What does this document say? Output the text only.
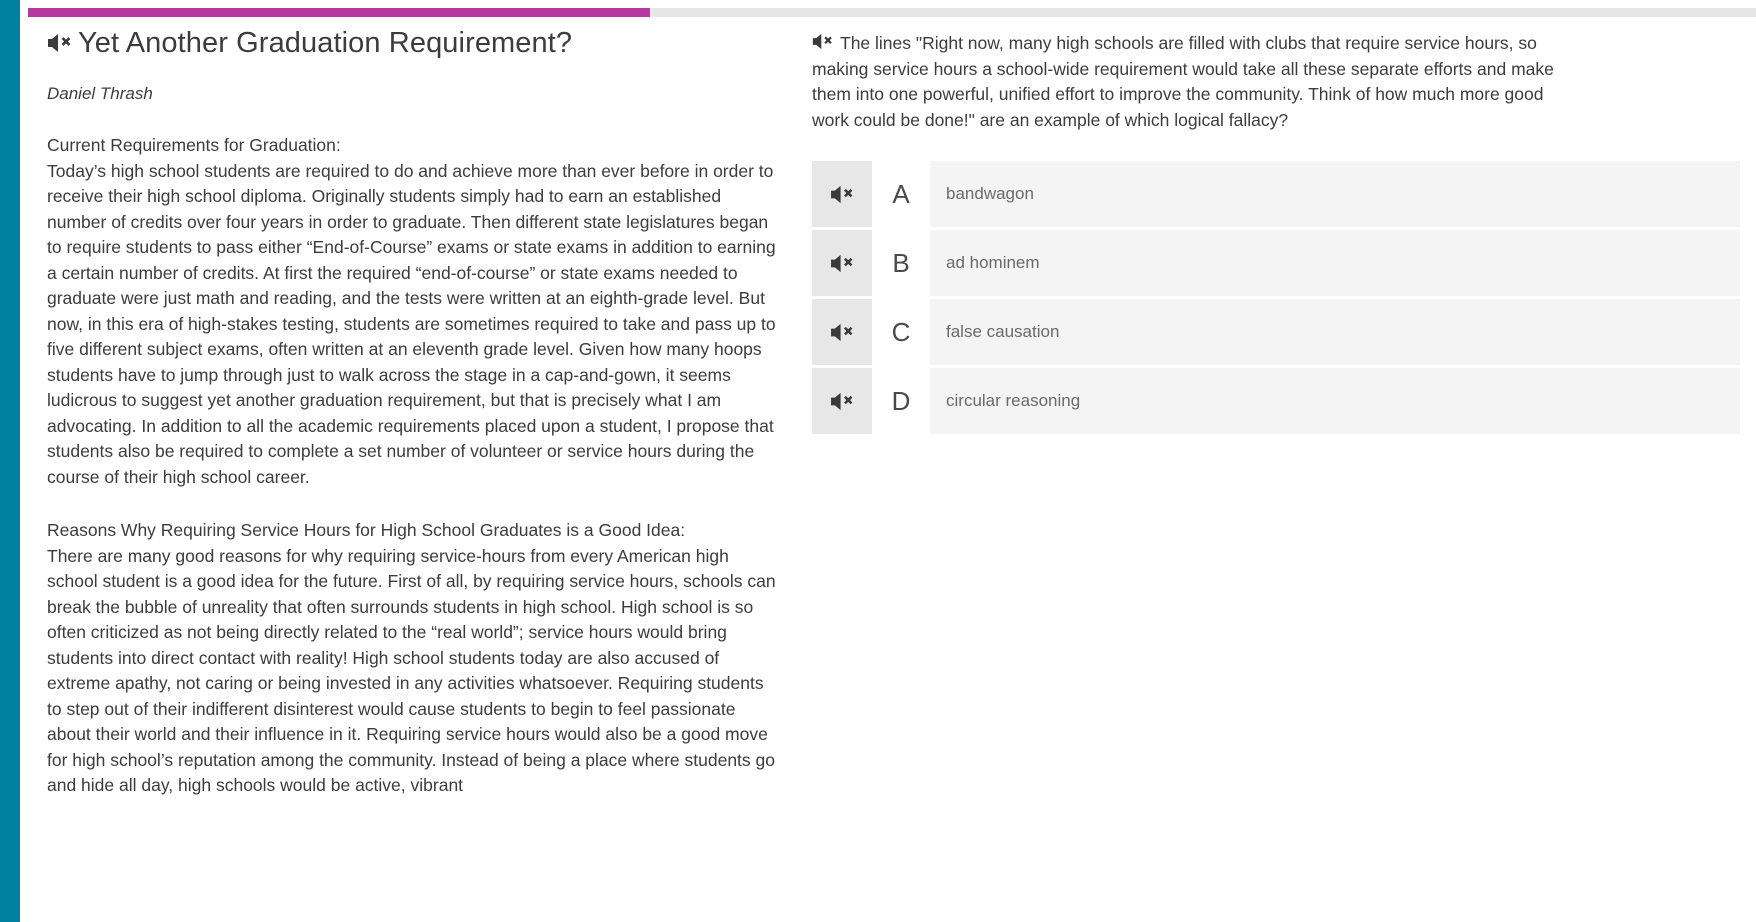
Yet Another Graduation Requirement?
Daniel Thrash
Current Requirements for Graduation:
Today’s high school students are required to do and achieve more than ever before in order to receive their high school diploma. Originally students simply had to earn an established number of credits over four years in order to graduate. Then different state legislatures began to require students to pass either “End-of-Course” exams or state exams in addition to earning a certain number of credits. At first the required “end-of-course” or state exams needed to graduate were just math and reading, and the tests were written at an eighth-grade level. But now, in this era of high-stakes testing, students are sometimes required to take and pass up to five different subject exams, often written at an eleventh grade level. Given how many hoops students have to jump through just to walk across the stage in a cap-and-gown, it seems ludicrous to suggest yet another graduation requirement, but that is precisely what I am advocating. In addition to all the academic requirements placed upon a student, I propose that students also be required to complete a set number of volunteer or service hours during the course of their high school career.
Reasons Why Requiring Service Hours for High School Graduates is a Good Idea:
There are many good reasons for why requiring service-hours from every American high school student is a good idea for the future. First of all, by requiring service hours, schools can break the bubble of unreality that often surrounds students in high school. High school is so often criticized as not being directly related to the “real world”; service hours would bring students into direct contact with reality! High school students today are also accused of extreme apathy, not caring or being invested in any activities whatsoever. Requiring students to step out of their indifferent disinterest would cause students to begin to feel passionate about their world and their influence in it. Requiring service hours would also be a good move for high school’s reputation among the community. Instead of being a place where students go and hide all day, high schools would be active, vibrant
The lines "Right now, many high schools are filled with clubs that require service hours, so making service hours a school-wide requirement would take all these separate efforts and make them into one powerful, unified effort to improve the community. Think of how much more good work could be done!" are an example of which logical fallacy?
A	bandwagon
B	ad hominem
C	false causation
D	circular reasoning
